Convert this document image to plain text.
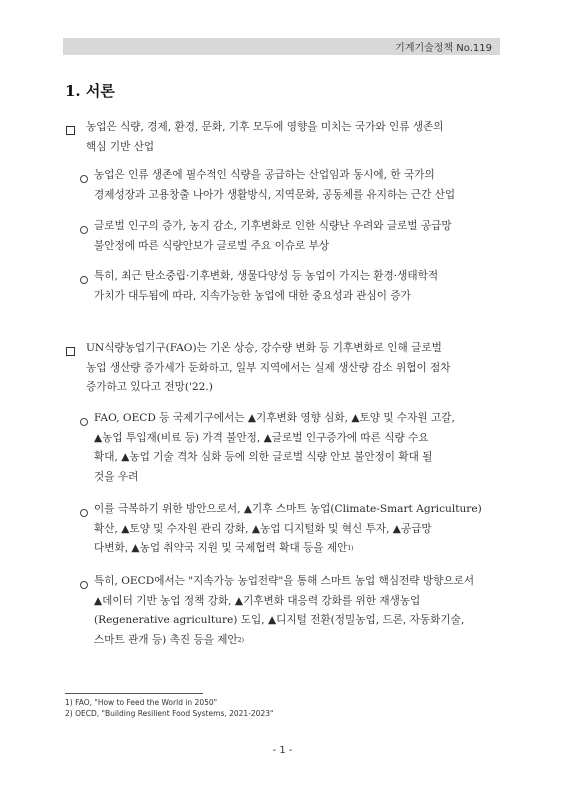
기계기술정책 No.119
1. 서론
농업은 식량, 경제, 환경, 문화, 기후 모두에 영향을 미치는 국가와 인류 생존의
핵심 기반 산업
농업은 인류 생존에 필수적인 식량을 공급하는 산업임과 동시에, 한 국가의
경제성장과 고용창출 나아가 생활방식, 지역문화, 공동체를 유지하는 근간 산업
글로벌 인구의 증가, 농지 감소, 기후변화로 인한 식량난 우려와 글로벌 공급망
불안정에 따른 식량안보가 글로벌 주요 이슈로 부상
특히, 최근 탄소중립·기후변화, 생물다양성 등 농업이 가지는 환경·생태학적
가치가 대두됨에 따라, 지속가능한 농업에 대한 중요성과 관심이 증가
UN식량농업기구(FAO)는 기온 상승, 강수량 변화 등 기후변화로 인해 글로벌
농업 생산량 증가세가 둔화하고, 일부 지역에서는 실제 생산량 감소 위협이 점차
증가하고 있다고 전망('22.)
FAO, OECD 등 국제기구에서는 ▲기후변화 영향 심화, ▲토양 및 수자원 고갈,
▲농업 투입재(비료 등) 가격 불안정, ▲글로벌 인구증가에 따른 식량 수요
확대, ▲농업 기술 격차 심화 등에 의한 글로벌 식량 안보 불안정이 확대 될
것을 우려
이를 극복하기 위한 방안으로서, ▲기후 스마트 농업(Climate-Smart Agriculture)
확산, ▲토양 및 수자원 관리 강화, ▲농업 디지털화 및 혁신 투자, ▲공급망
다변화, ▲농업 취약국 지원 및 국제협력 확대 등을 제안$^{1)}$
특히, OECD에서는 "지속가능 농업전략"을 통해 스마트 농업 핵심전략 방향으로서
▲데이터 기반 농업 정책 강화, ▲기후변화 대응력 강화를 위한 재생농업
(Regenerative agriculture) 도입, ▲디지털 전환(정밀농업, 드론, 자동화기술,
스마트 관개 등) 촉진 등을 제안$^{2)}$
1) FAO, "How to Feed the World in 2050"
2) OECD, "Building Resilient Food Systems, 2021-2023"
- 1 -
